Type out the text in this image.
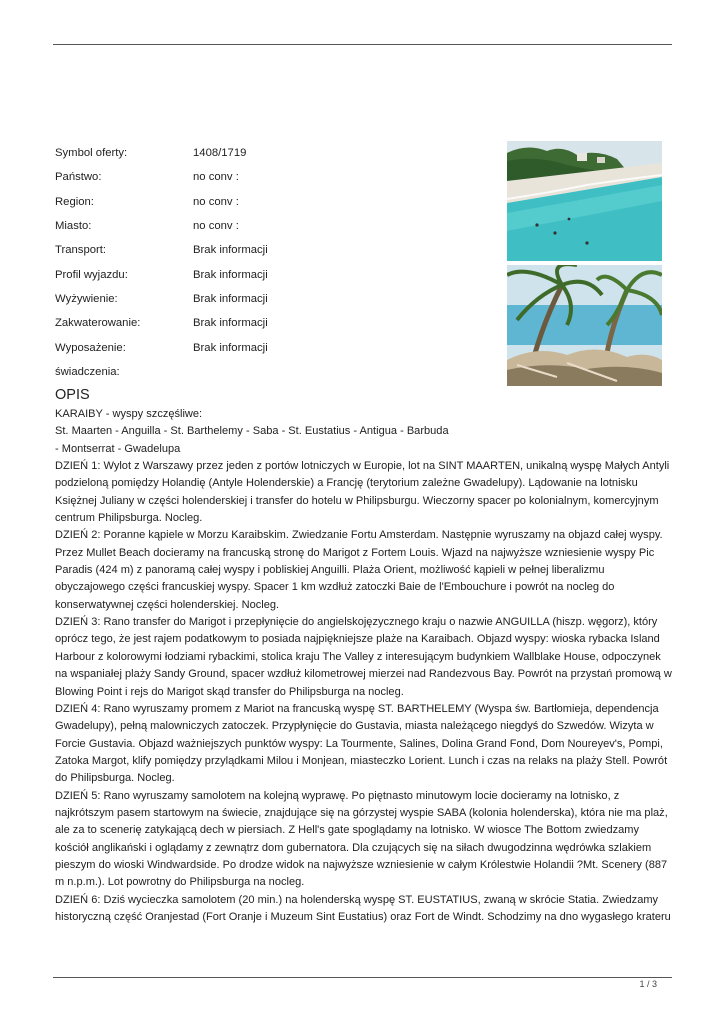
Symbol oferty:	1408/1719
Państwo:	no conv :
Region:	no conv :
Miasto:	no conv :
Transport:	Brak informacji
Profil wyjazdu:	Brak informacji
Wyżywienie:	Brak informacji
Zakwaterowanie:	Brak informacji
Wyposażenie:	Brak informacji
świadczenia:
OPIS

KARAIBY - wyspy szczęśliwe:

St. Maarten - Anguilla - St. Barthelemy - Saba - St. Eustatius - Antigua - Barbuda

- Montserrat - Gwadelupa

DZIEŃ 1: Wylot z Warszawy przez jeden z portów lotniczych w Europie, lot na SINT MAARTEN, unikalną wyspę Małych Antyli podzieloną pomiędzy Holandię (Antyle Holenderskie) a Francję (terytorium zależne Gwadelupy). Lądowanie na lotnisku Księżnej Juliany w części holenderskiej i transfer do hotelu w Philipsburgu. Wieczorny spacer po kolonialnym, komercyjnym centrum Philipsburga. Nocleg.

DZIEŃ 2: Poranne kąpiele w Morzu Karaibskim. Zwiedzanie Fortu Amsterdam. Następnie wyruszamy na objazd całej wyspy. Przez Mullet Beach docieramy na francuską stronę do Marigot z Fortem Louis. Wjazd na najwyższe wzniesienie wyspy Pic Paradis (424 m) z panoramą całej wyspy i pobliskiej Anguilli. Plaża Orient, możliwość kąpieli w pełnej liberalizmu obyczajowego części francuskiej wyspy. Spacer 1 km wzdłuż zatoczki Baie de l'Embouchure i powrót na nocleg do konserwatywnej części holenderskiej. Nocleg.

DZIEŃ 3: Rano transfer do Marigot i przepłynięcie do angielskojęzycznego kraju o nazwie ANGUILLA (hiszp. węgorz), który oprócz tego, że jest rajem podatkowym to posiada najpiękniejsze plaże na Karaibach. Objazd wyspy: wioska rybacka Island Harbour z kolorowymi łodziami rybackimi, stolica kraju The Valley z interesującym budynkiem Wallblake House, odpoczynek na wspaniałej plaży Sandy Ground, spacer wzdłuż kilometrowej mierzei nad Randezvous Bay. Powrót na przystań promową w Blowing Point i rejs do Marigot skąd transfer do Philipsburga na nocleg.

DZIEŃ 4: Rano wyruszamy promem z Mariot na francuską wyspę ST. BARTHELEMY (Wyspa św. Bartłomieja, dependencja Gwadelupy), pełną malowniczych zatoczek. Przypłynięcie do Gustavia, miasta należącego niegdyś do Szwedów. Wizyta w Forcie Gustavia. Objazd ważniejszych punktów wyspy: La Tourmente, Salines, Dolina Grand Fond, Dom Noureyev's, Pompi, Zatoka Margot, klify pomiędzy przylądkami Milou i Monjean, miasteczko Lorient. Lunch i czas na relaks na plaży Stell. Powrót do Philipsburga. Nocleg.

DZIEŃ 5: Rano wyruszamy samolotem na kolejną wyprawę. Po piętnasto minutowym locie docieramy na lotnisko, z najkrótszym pasem startowym na świecie, znajdujące się na górzystej wyspie SABA (kolonia holenderska), która nie ma plaż, ale za to scenerię zatykającą dech w piersiach. Z Hell's gate spoglądamy na lotnisko. W wiosce The Bottom zwiedzamy kościół anglikański i oglądamy z zewnątrz dom gubernatora. Dla czujących się na siłach dwugodzinna wędrówka szlakiem pieszym do wioski Windwardside. Po drodze widok na najwyższe wzniesienie w całym Królestwie Holandii ?Mt. Scenery (887 m n.p.m.). Lot powrotny do Philipsburga na nocleg.

DZIEŃ 6: Dziś wycieczka samolotem (20 min.) na holenderską wyspę ST. EUSTATIUS, zwaną w skrócie Statia. Zwiedzamy historyczną część Oranjestad (Fort Oranje i Muzeum Sint Eustatius) oraz Fort de Windt. Schodzimy na dno wygasłego krateru

1 / 3
